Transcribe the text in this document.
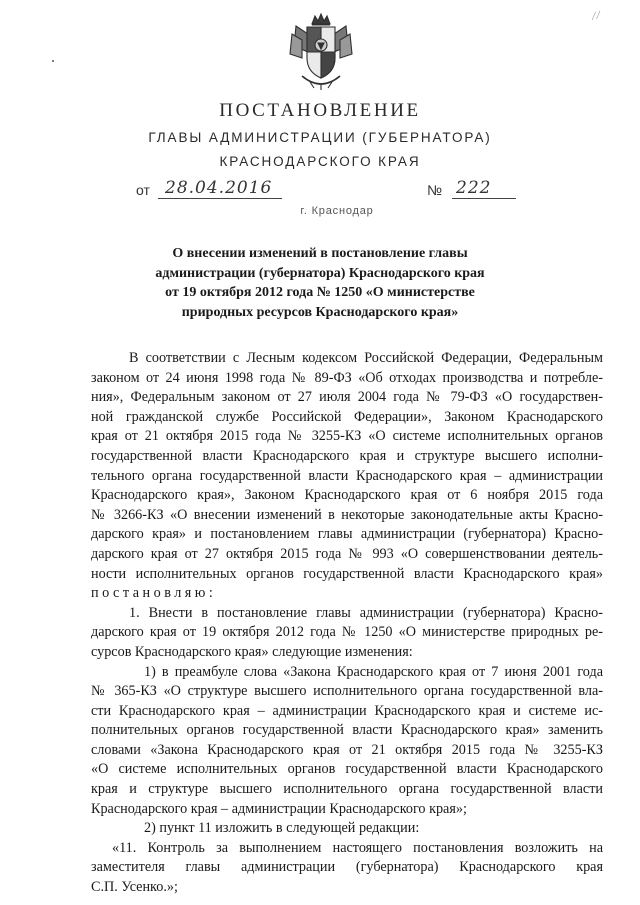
⁄ ⁄
ПОСТАНОВЛЕНИЕ
ГЛАВЫ АДМИНИСТРАЦИИ (ГУБЕРНАТОРА)
КРАСНОДАРСКОГО КРАЯ
от 28.04.2016	№ 222
г. Краснодар
О внесении изменений в постановление главы
администрации (губернатора) Краснодарского края
от 19 октября 2012 года № 1250 «О министерстве
природных ресурсов Краснодарского края»
В соответствии с Лесным кодексом Российской Федерации, Федеральным
законом от 24 июня 1998 года № 89-ФЗ «Об отходах производства и потребле-
ния», Федеральным законом от 27 июля 2004 года № 79-ФЗ «О государствен-
ной гражданской службе Российской Федерации», Законом Краснодарского
края от 21 октября 2015 года № 3255-КЗ «О системе исполнительных органов
государственной власти Краснодарского края и структуре высшего исполни-
тельного органа государственной власти Краснодарского края – администрации
Краснодарского края», Законом Краснодарского края от 6 ноября 2015 года
№ 3266-КЗ «О внесении изменений в некоторые законодательные акты Красно-
дарского края» и постановлением главы администрации (губернатора) Красно-
дарского края от 27 октября 2015 года № 993 «О совершенствовании деятель-
ности исполнительных органов государственной власти Краснодарского края»
постановляю:
1. Внести в постановление главы администрации (губернатора) Красно-
дарского края от 19 октября 2012 года № 1250 «О министерстве природных ре-
сурсов Краснодарского края» следующие изменения:
1) в преамбуле слова «Закона Краснодарского края от 7 июня 2001 года
№ 365-КЗ «О структуре высшего исполнительного органа государственной вла-
сти Краснодарского края – администрации Краснодарского края и системе ис-
полнительных органов государственной власти Краснодарского края» заменить
словами «Закона Краснодарского края от 21 октября 2015 года № 3255-КЗ
«О системе исполнительных органов государственной власти Краснодарского
края и структуре высшего исполнительного органа государственной власти
Краснодарского края – администрации Краснодарского края»;
2) пункт 11 изложить в следующей редакции:
«11. Контроль за выполнением настоящего постановления возложить на
заместителя главы администрации (губернатора) Краснодарского края
С.П. Усенко.»;
